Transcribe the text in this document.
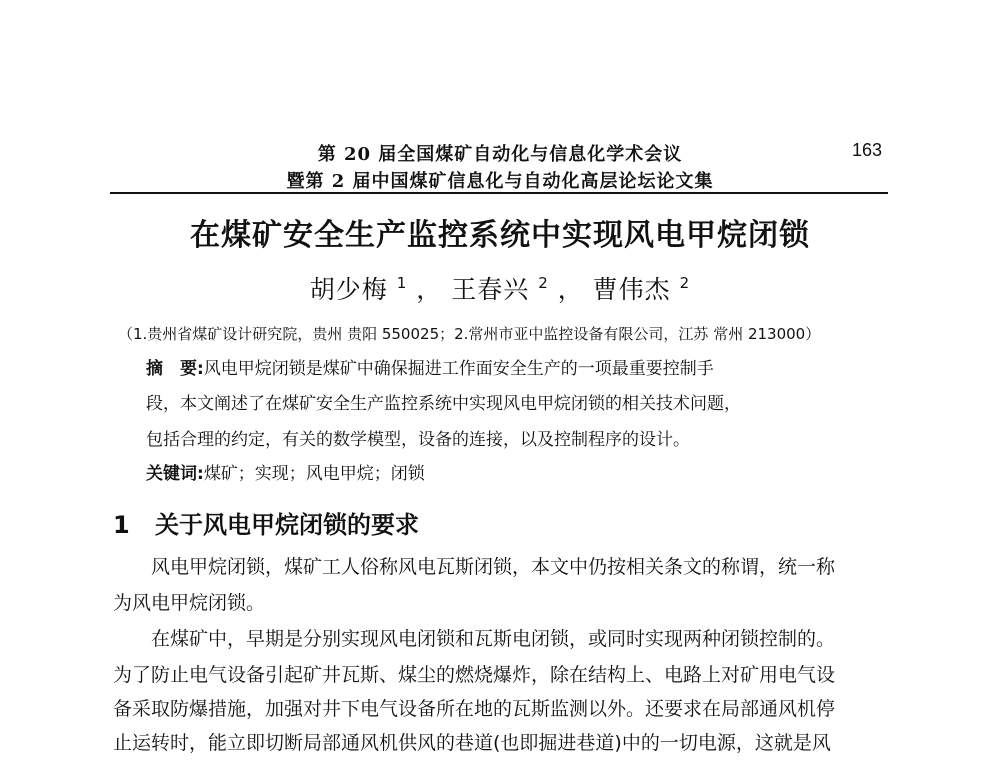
第 20 届全国煤矿自动化与信息化学术会议	163
暨第 2 届中国煤矿信息化与自动化高层论坛论文集
在煤矿安全生产监控系统中实现风电甲烷闭锁
胡少梅 $^1$ ， 王春兴 $^2$ ， 曹伟杰 $^2$
（1.贵州省煤矿设计研究院，贵州 贵阳 550025；2.常州市亚中监控设备有限公司，江苏 常州 213000）
摘　要:风电甲烷闭锁是煤矿中确保掘进工作面安全生产的一项最重要控制手
段，本文阐述了在煤矿安全生产监控系统中实现风电甲烷闭锁的相关技术问题，
包括合理的约定，有关的数学模型，设备的连接，以及控制程序的设计。
关键词:煤矿；实现；风电甲烷；闭锁
1 关于风电甲烷闭锁的要求
　　风电甲烷闭锁，煤矿工人俗称风电瓦斯闭锁，本文中仍按相关条文的称谓，统一称
为风电甲烷闭锁。
　　在煤矿中，早期是分别实现风电闭锁和瓦斯电闭锁，或同时实现两种闭锁控制的。
为了防止电气设备引起矿井瓦斯、煤尘的燃烧爆炸，除在结构上、电路上对矿用电气设
备采取防爆措施，加强对井下电气设备所在地的瓦斯监测以外。还要求在局部通风机停
止运转时，能立即切断局部通风机供风的巷道(也即掘进巷道)中的一切电源，这就是风
